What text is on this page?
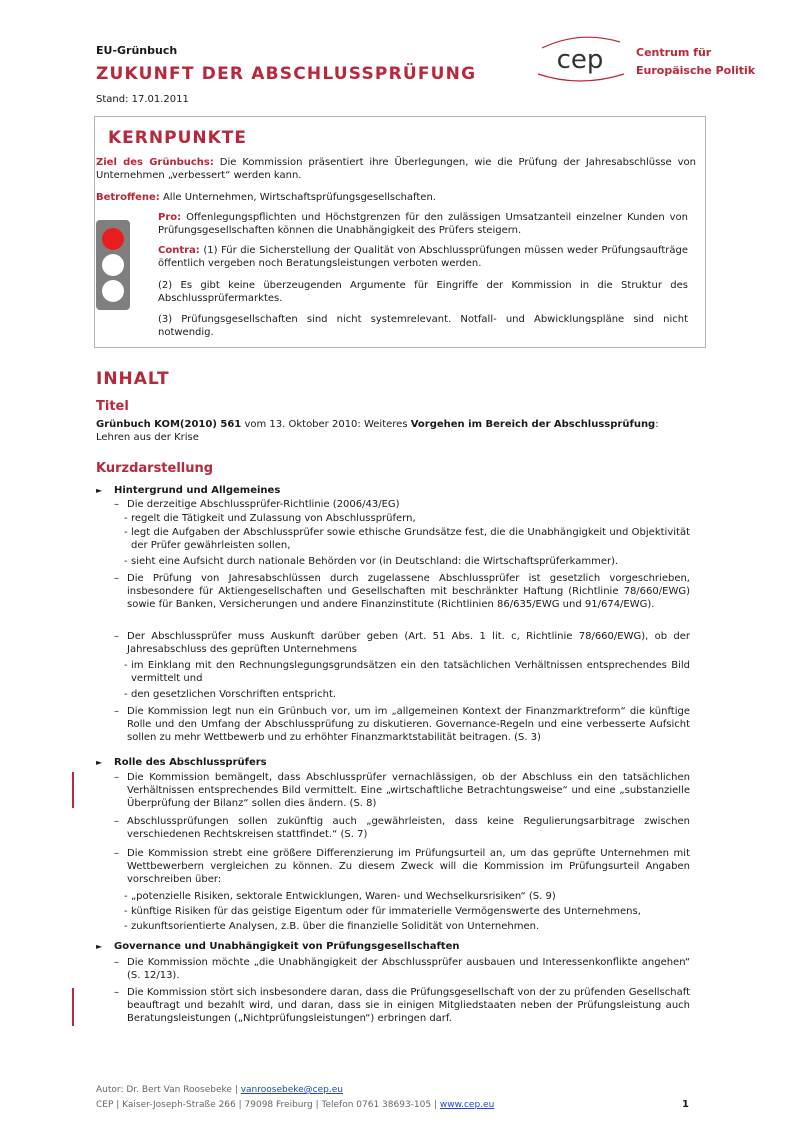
EU-Grünbuch
ZUKUNFT DER ABSCHLUSSPRÜFUNG
Stand: 17.01.2011
cep	Centrum für
Europäische Politik
KERNPUNKTE
Ziel des Grünbuchs: Die Kommission präsentiert ihre Überlegungen, wie die Prüfung der Jahresabschlüsse von Unternehmen „verbessert“ werden kann.
Betroffene: Alle Unternehmen, Wirtschaftsprüfungsgesellschaften.
Pro: Offenlegungspflichten und Höchstgrenzen für den zulässigen Umsatzanteil einzelner Kunden von Prüfungsgesellschaften können die Unabhängigkeit des Prüfers steigern.
Contra: (1) Für die Sicherstellung der Qualität von Abschlussprüfungen müssen weder Prüfungsaufträge öffentlich vergeben noch Beratungsleistungen verboten werden.
(2) Es gibt keine überzeugenden Argumente für Eingriffe der Kommission in die Struktur des Abschlussprüfermarktes.
(3) Prüfungsgesellschaften sind nicht systemrelevant. Notfall- und Abwicklungspläne sind nicht notwendig.
INHALT
Titel
Grünbuch KOM(2010) 561 vom 13. Oktober 2010: Weiteres Vorgehen im Bereich der Abschlussprüfung: Lehren aus der Krise
Kurzdarstellung
► Hintergrund und Allgemeines
– Die derzeitige Abschlussprüfer-Richtlinie (2006/43/EG)
- regelt die Tätigkeit und Zulassung von Abschlussprüfern,
- legt die Aufgaben der Abschlussprüfer sowie ethische Grundsätze fest, die die Unabhängigkeit und Objektivität der Prüfer gewährleisten sollen,
- sieht eine Aufsicht durch nationale Behörden vor (in Deutschland: die Wirtschaftsprüferkammer).
– Die Prüfung von Jahresabschlüssen durch zugelassene Abschlussprüfer ist gesetzlich vorgeschrieben, insbesondere für Aktiengesellschaften und Gesellschaften mit beschränkter Haftung (Richtlinie 78/660/EWG) sowie für Banken, Versicherungen und andere Finanzinstitute (Richtlinien 86/635/EWG und 91/674/EWG).
– Der Abschlussprüfer muss Auskunft darüber geben (Art. 51 Abs. 1 lit. c, Richtlinie 78/660/EWG), ob der Jahresabschluss des geprüften Unternehmens
- im Einklang mit den Rechnungslegungsgrundsätzen ein den tatsächlichen Verhältnissen entsprechendes Bild vermittelt und
- den gesetzlichen Vorschriften entspricht.
– Die Kommission legt nun ein Grünbuch vor, um im „allgemeinen Kontext der Finanzmarktreform“ die künftige Rolle und den Umfang der Abschlussprüfung zu diskutieren. Governance-Regeln und eine verbesserte Aufsicht sollen zu mehr Wettbewerb und zu erhöhter Finanzmarktstabilität beitragen. (S. 3)
► Rolle des Abschlussprüfers
– Die Kommission bemängelt, dass Abschlussprüfer vernachlässigen, ob der Abschluss ein den tatsächlichen Verhältnissen entsprechendes Bild vermittelt. Eine „wirtschaftliche Betrachtungsweise“ und eine „substanzielle Überprüfung der Bilanz“ sollen dies ändern. (S. 8)
– Abschlussprüfungen sollen zukünftig auch „gewährleisten, dass keine Regulierungsarbitrage zwischen verschiedenen Rechtskreisen stattfindet.“ (S. 7)
– Die Kommission strebt eine größere Differenzierung im Prüfungsurteil an, um das geprüfte Unternehmen mit Wettbewerbern vergleichen zu können. Zu diesem Zweck will die Kommission im Prüfungsurteil Angaben vorschreiben über:
- „potenzielle Risiken, sektorale Entwicklungen, Waren- und Wechselkursrisiken“ (S. 9)
- künftige Risiken für das geistige Eigentum oder für immaterielle Vermögenswerte des Unternehmens,
- zukunftsorientierte Analysen, z.B. über die finanzielle Solidität von Unternehmen.
► Governance und Unabhängigkeit von Prüfungsgesellschaften
– Die Kommission möchte „die Unabhängigkeit der Abschlussprüfer ausbauen und Interessenkonflikte angehen“ (S. 12/13).
– Die Kommission stört sich insbesondere daran, dass die Prüfungsgesellschaft von der zu prüfenden Gesellschaft beauftragt und bezahlt wird, und daran, dass sie in einigen Mitgliedstaaten neben der Prüfungsleistung auch Beratungsleistungen („Nichtprüfungsleistungen“) erbringen darf.
Autor: Dr. Bert Van Roosebeke | vanroosebeke@cep.eu
CEP | Kaiser-Joseph-Straße 266 | 79098 Freiburg | Telefon 0761 38693-105 | www.cep.eu	1
